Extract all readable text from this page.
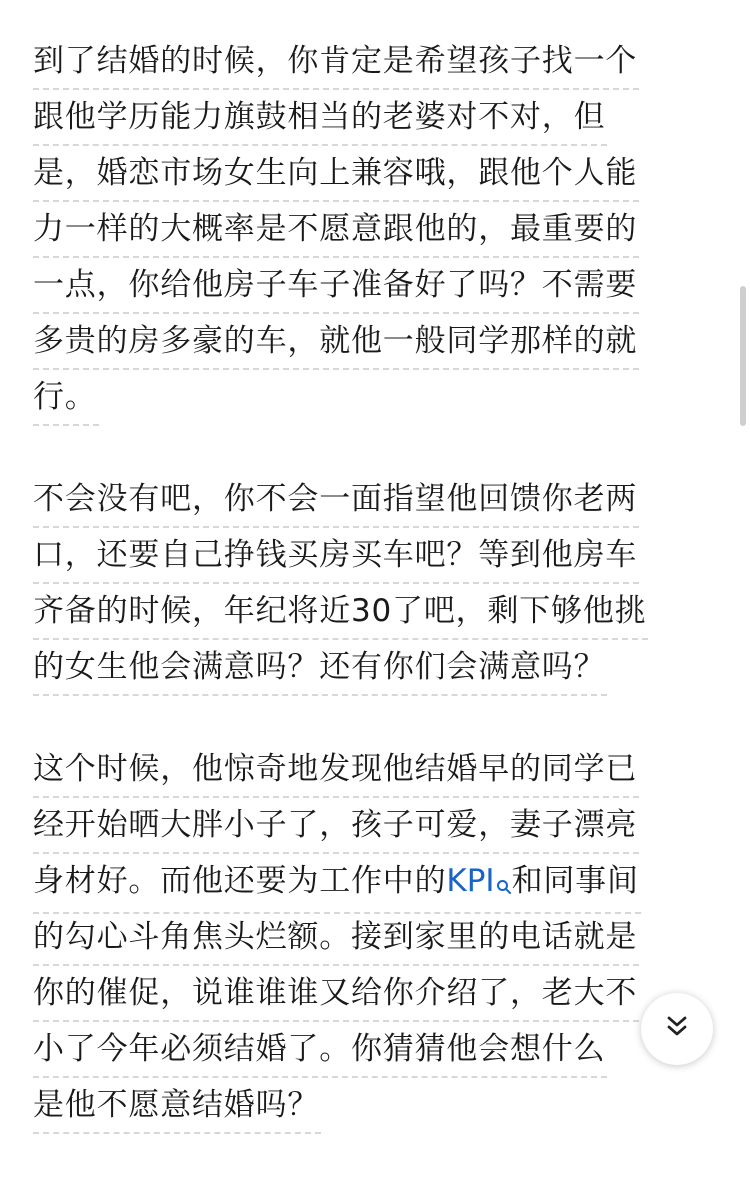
到了结婚的时候，你肯定是希望孩子找一个
跟他学历能力旗鼓相当的老婆对不对，但
是，婚恋市场女生向上兼容哦，跟他个人能
力一样的大概率是不愿意跟他的，最重要的
一点，你给他房子车子准备好了吗？不需要
多贵的房多豪的车，就他一般同学那样的就
行。
不会没有吧，你不会一面指望他回馈你老两
口，还要自己挣钱买房买车吧？等到他房车
齐备的时候，年纪将近30了吧，剩下够他挑
的女生他会满意吗？还有你们会满意吗？
这个时候，他惊奇地发现他结婚早的同学已
经开始晒大胖小子了，孩子可爱，妻子漂亮
身材好。而他还要为工作中的KPI 和同事间
的勾心斗角焦头烂额。接到家里的电话就是
你的催促，说谁谁谁又给你介绍了，老大不
小了今年必须结婚了。你猜猜他会想什么
是他不愿意结婚吗？
